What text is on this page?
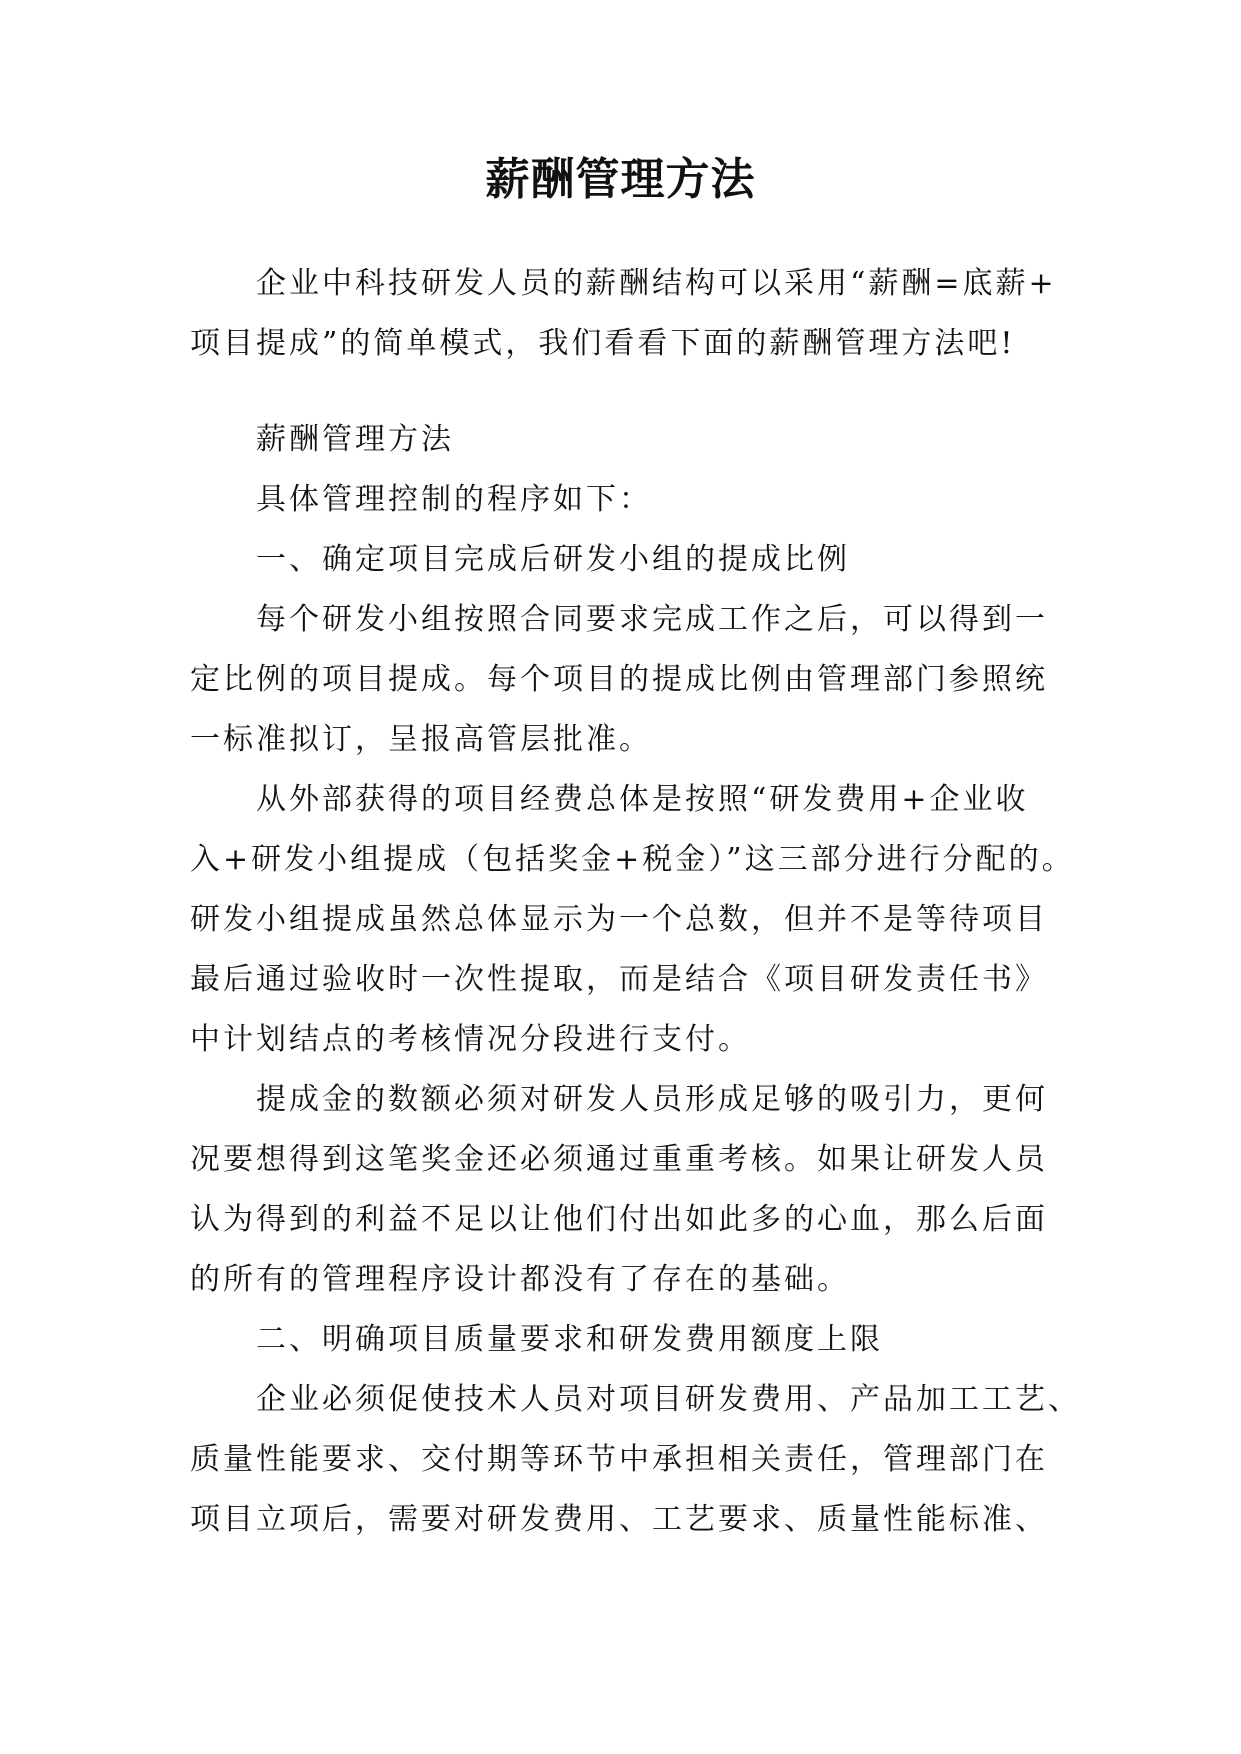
薪酬管理方法
企业中科技研发人员的薪酬结构可以采用“薪酬=底薪+
项目提成”的简单模式，我们看看下面的薪酬管理方法吧!
薪酬管理方法
具体管理控制的程序如下：
一、确定项目完成后研发小组的提成比例
每个研发小组按照合同要求完成工作之后，可以得到一
定比例的项目提成。每个项目的提成比例由管理部门参照统
一标准拟订，呈报高管层批准。
从外部获得的项目经费总体是按照“研发费用+企业收
入+研发小组提成（包括奖金+税金）”这三部分进行分配的。
研发小组提成虽然总体显示为一个总数，但并不是等待项目
最后通过验收时一次性提取，而是结合《项目研发责任书》
中计划结点的考核情况分段进行支付。
提成金的数额必须对研发人员形成足够的吸引力，更何
况要想得到这笔奖金还必须通过重重考核。如果让研发人员
认为得到的利益不足以让他们付出如此多的心血，那么后面
的所有的管理程序设计都没有了存在的基础。
二、明确项目质量要求和研发费用额度上限
企业必须促使技术人员对项目研发费用、产品加工工艺、
质量性能要求、交付期等环节中承担相关责任，管理部门在
项目立项后，需要对研发费用、工艺要求、质量性能标准、
